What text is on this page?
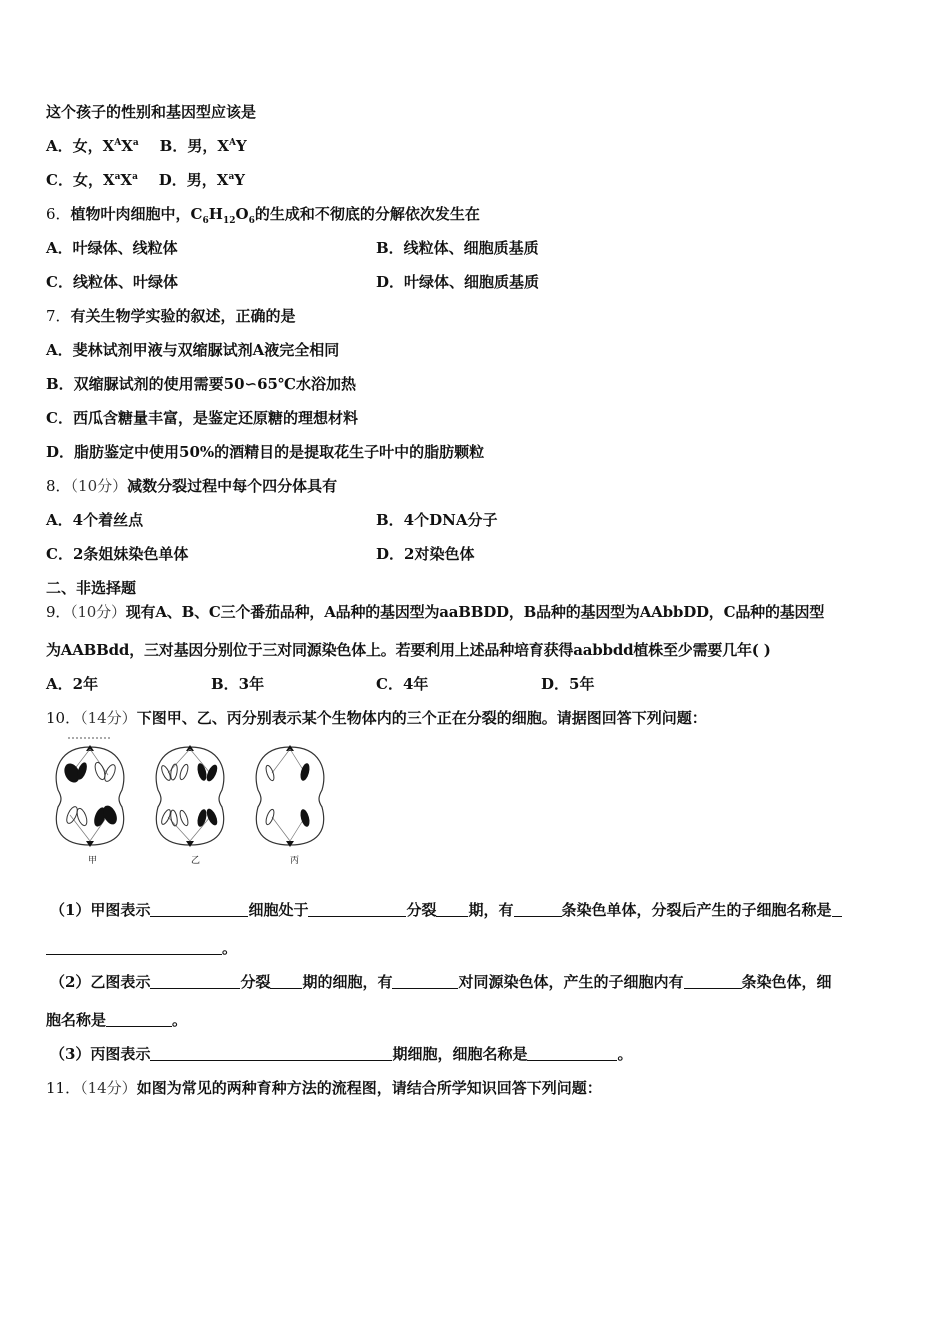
这个孩子的性别和基因型应该是
A．女，$X^AX^a$ B．男，$X^AY$
C．女，$X^aX^a$ D．男，$X^aY$
6．植物叶肉细胞中，$C_6H_{12}O_6$的生成和不彻底的分解依次发生在
A．叶绿体、线粒体	B．线粒体、细胞质基质
C．线粒体、叶绿体	D．叶绿体、细胞质基质
7．有关生物学实验的叙述，正确的是
A．斐林试剂甲液与双缩脲试剂A液完全相同
B．双缩脲试剂的使用需要50∽65℃水浴加热
C．西瓜含糖量丰富，是鉴定还原糖的理想材料
D．脂肪鉴定中使用50%的酒精目的是提取花生子叶中的脂肪颗粒
8．（10分）减数分裂过程中每个四分体具有
A．4个着丝点	B．4个DNA分子
C．2条姐妹染色单体	D．2对染色体
二、非选择题
9．（10分）现有A、B、C三个番茄品种，A品种的基因型为aaBBDD，B品种的基因型为AAbbDD，C品种的基因型
为AABBdd，三对基因分别位于三对同源染色体上。若要利用上述品种培育获得aabbdd植株至少需要几年( )
A．2年	B．3年	C．4年	D．5年
10．（14分）下图甲、乙、丙分别表示某个生物体内的三个正在分裂的细胞。请据图回答下列问题：
甲	乙	丙
（1）甲图表示	细胞处于	分裂 期，有	条染色单体，分裂后产生的子细胞名称是
。
（2）乙图表示	分裂 期的细胞，有	对同源染色体，产生的子细胞内有	条染色体，细
胞名称是	。
（3）丙图表示	期细胞，细胞名称是	。
11．（14分）如图为常见的两种育种方法的流程图，请结合所学知识回答下列问题：
